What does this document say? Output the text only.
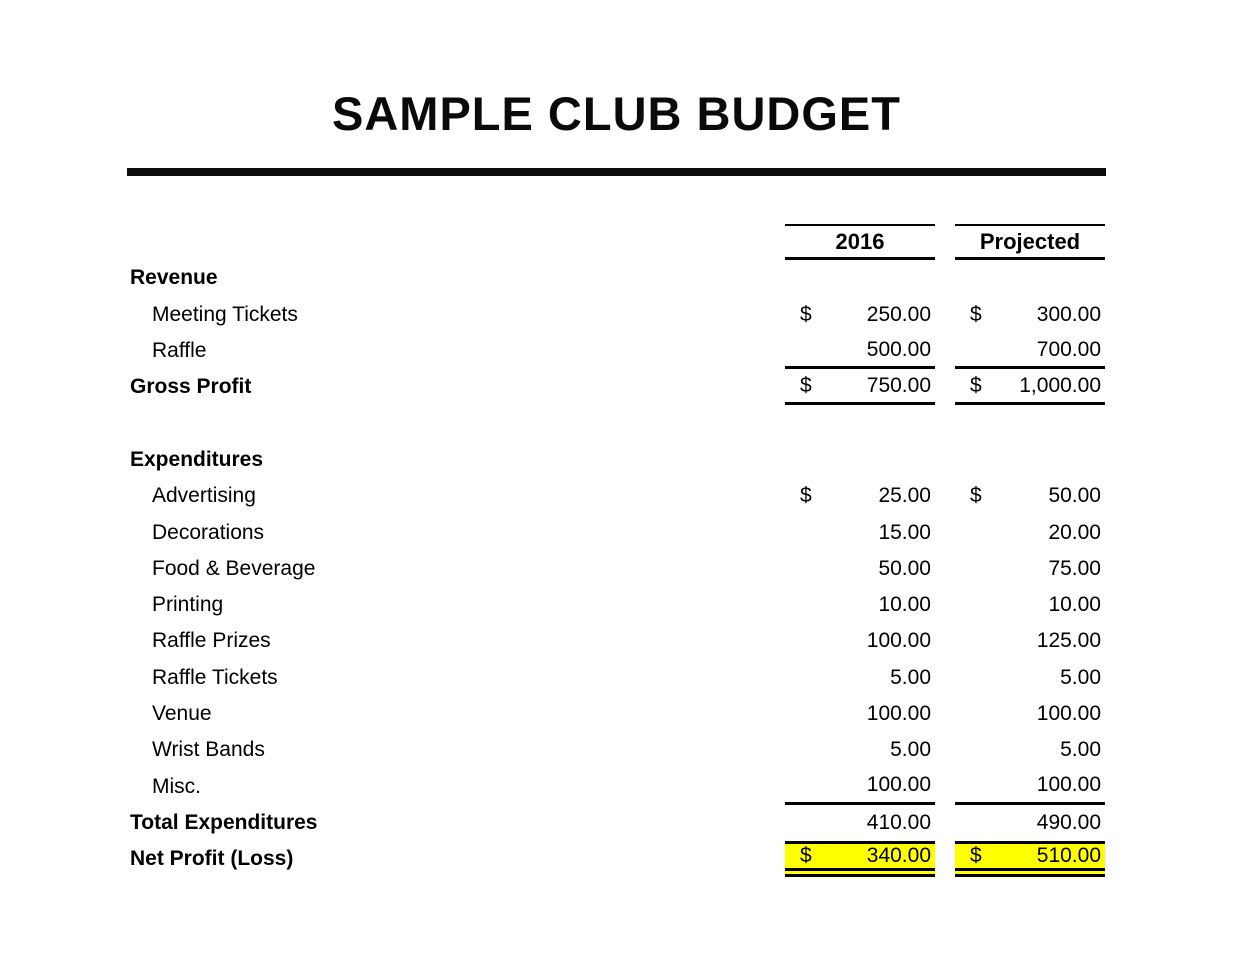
SAMPLE CLUB BUDGET
2016	Projected
Revenue
Meeting Tickets	$	250.00 $	300.00
Raffle	500.00	700.00
Gross Profit	$	750.00 $ 1,000.00
Expenditures
Advertising	$	25.00 $	50.00
Decorations	15.00	20.00
Food & Beverage	50.00	75.00
Printing	10.00	10.00
Raffle Prizes	100.00	125.00
Raffle Tickets	5.00	5.00
Venue	100.00	100.00
Wrist Bands	5.00	5.00
Misc.	100.00	100.00
Total Expenditures	410.00	490.00
Net Profit (Loss)	$	340.00 $	510.00
